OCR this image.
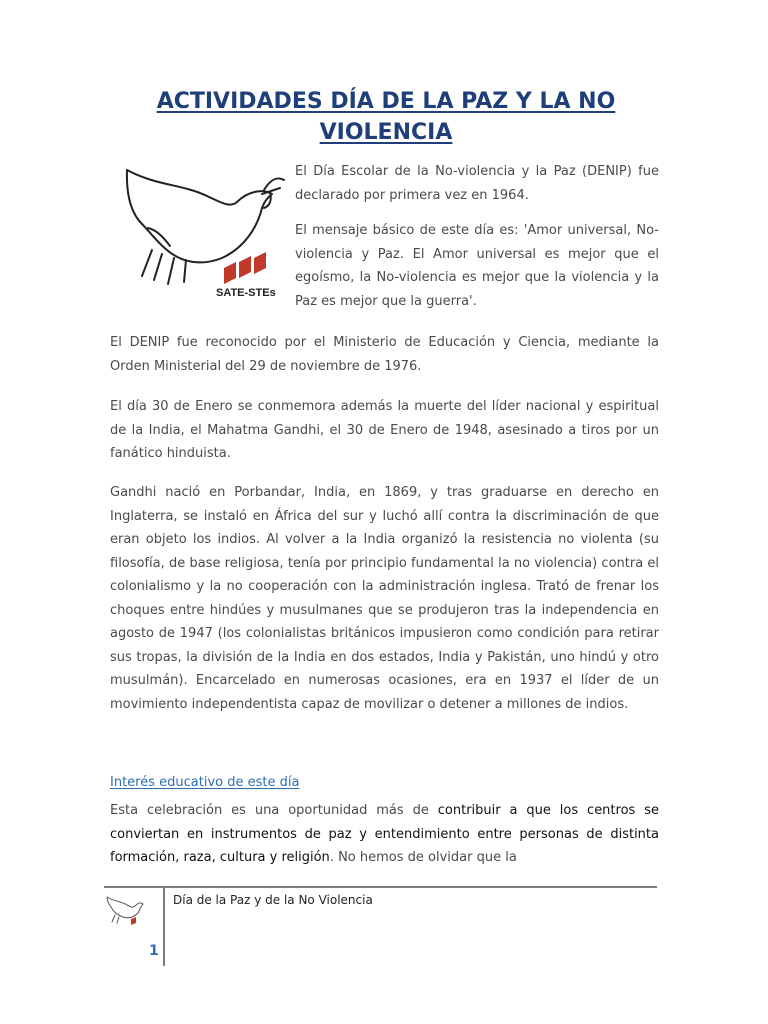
ACTIVIDADES DÍA DE LA PAZ Y LA NO VIOLENCIA
SATE-STEs

El Día Escolar de la No-violencia y la Paz (DENIP) fue declarado por primera vez en 1964.

El mensaje básico de este día es: 'Amor universal, No-violencia y Paz. El Amor universal es mejor que el egoísmo, la No-violencia es mejor que la violencia y la Paz es mejor que la guerra'.

El DENIP fue reconocido por el Ministerio de Educación y Ciencia, mediante la Orden Ministerial del 29 de noviembre de 1976.

El día 30 de Enero se conmemora además la muerte del líder nacional y espiritual de la India, el Mahatma Gandhi, el 30 de Enero de 1948, asesinado a tiros por un fanático hinduista.

Gandhi nació en Porbandar, India, en 1869, y tras graduarse en derecho en Inglaterra, se instaló en África del sur y luchó allí contra la discriminación de que eran objeto los indios. Al volver a la India organizó la resistencia no violenta (su filosofía, de base religiosa, tenía por principio fundamental la no violencia) contra el colonialismo y la no cooperación con la administración inglesa. Trató de frenar los choques entre hindúes y musulmanes que se produjeron tras la independencia en agosto de 1947 (los colonialistas británicos impusieron como condición para retirar sus tropas, la división de la India en dos estados, India y Pakistán, uno hindú y otro musulmán). Encarcelado en numerosas ocasiones, era en 1937 el líder de un movimiento independentista capaz de movilizar o detener a millones de indios.

Interés educativo de este día
Esta celebración es una oportunidad más de contribuir a que los centros se conviertan en instrumentos de paz y entendimiento entre personas de distinta formación, raza, cultura y religión. No hemos de olvidar que la
Día de la Paz y de la No Violencia
1
